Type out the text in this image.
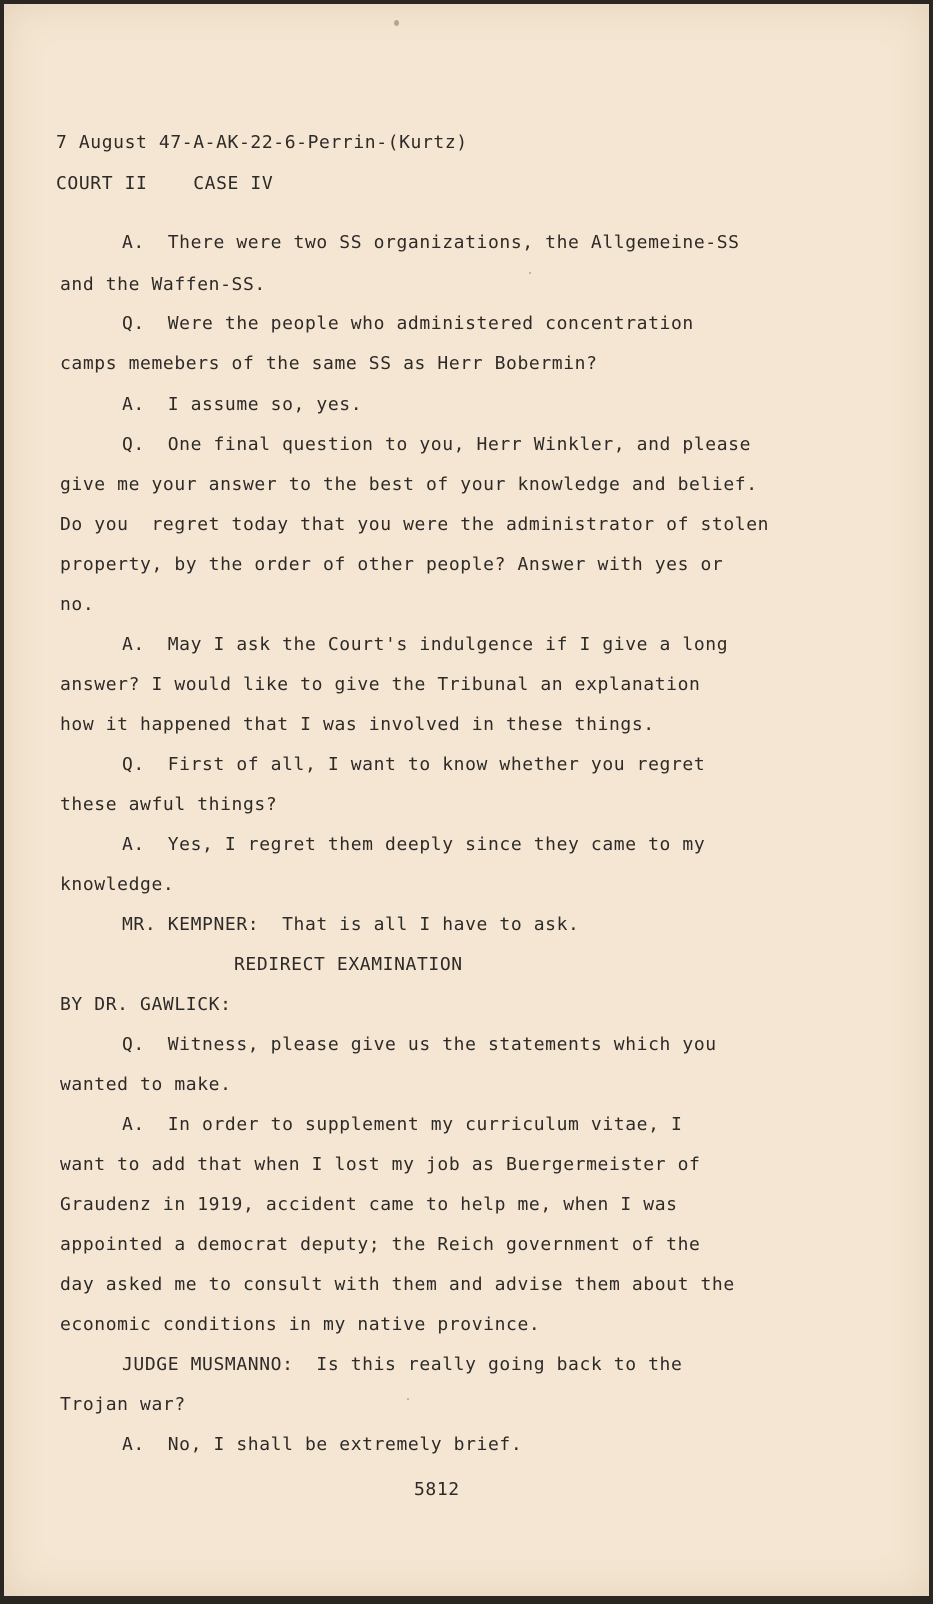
7 August 47-A-AK-22-6-Perrin-(Kurtz)
COURT II    CASE IV
A.  There were two SS organizations, the Allgemeine-SS
and the Waffen-SS.
Q.  Were the people who administered concentration
camps memebers of the same SS as Herr Bobermin?
A.  I assume so, yes.
Q.  One final question to you, Herr Winkler, and please
give me your answer to the best of your knowledge and belief.
Do you  regret today that you were the administrator of stolen
property, by the order of other people? Answer with yes or
no.
A.  May I ask the Court's indulgence if I give a long
answer? I would like to give the Tribunal an explanation
how it happened that I was involved in these things.
Q.  First of all, I want to know whether you regret
these awful things?
A.  Yes, I regret them deeply since they came to my
knowledge.
MR. KEMPNER:  That is all I have to ask.
REDIRECT EXAMINATION
BY DR. GAWLICK:
Q.  Witness, please give us the statements which you
wanted to make.
A.  In order to supplement my curriculum vitae, I
want to add that when I lost my job as Buergermeister of
Graudenz in 1919, accident came to help me, when I was
appointed a democrat deputy; the Reich government of the
day asked me to consult with them and advise them about the
economic conditions in my native province.
JUDGE MUSMANNO:  Is this really going back to the
Trojan war?
A.  No, I shall be extremely brief.
5812
